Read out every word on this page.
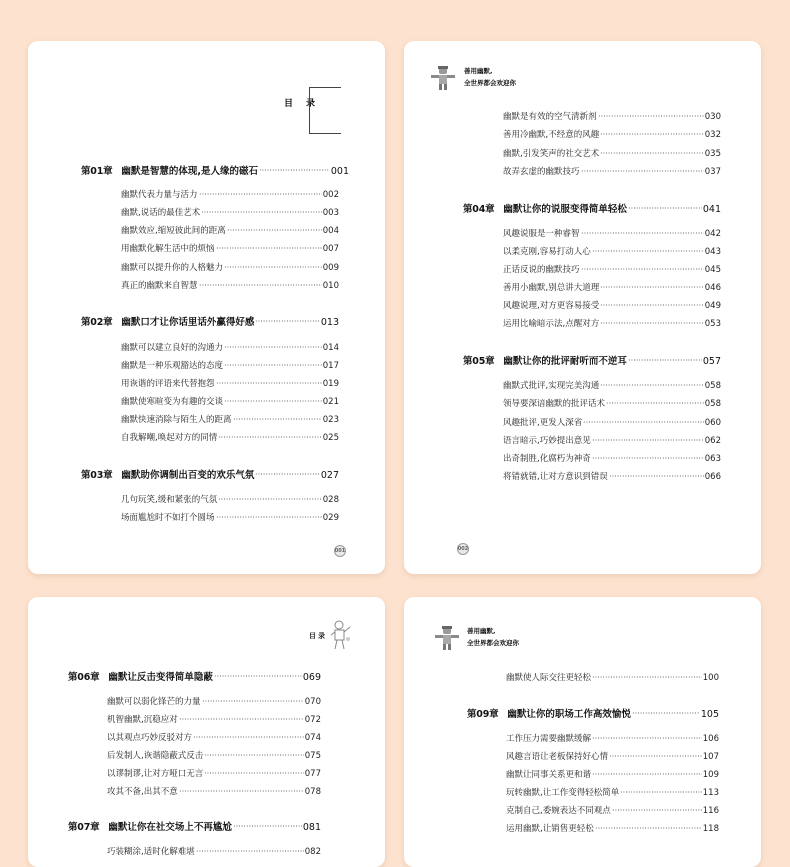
目录
第01章 幽默是智慧的体现,是人缘的磁石	001
幽默代表力量与活力	002
幽默,说话的最佳艺术	003
幽默效应,缩短彼此间的距离	004
用幽默化解生活中的烦恼	007
幽默可以提升你的人格魅力	009
真正的幽默来自智慧	010
第02章 幽默口才让你话里话外赢得好感	013
幽默可以建立良好的沟通力	014
幽默是一种乐观豁达的态度	017
用诙谐的评语来代替抱怨	019
幽默使寒暄变为有趣的交谈	021
幽默快速消除与陌生人的距离	023
自我解嘲,唤起对方的同情	025
第03章 幽默助你调制出百变的欢乐气氛	027
几句玩笑,缓和紧张的气氛	028
场面尴尬时不如打个圆场	029
001
善用幽默,
全世界都会欢迎你
幽默是有效的空气清新剂	030
善用冷幽默,不经意的风趣	032
幽默,引发笑声的社交艺术	035
故弄玄虚的幽默技巧	037
第04章 幽默让你的说服变得简单轻松	041
风趣说服是一种睿智	042
以柔克刚,容易打动人心	043
正话反说的幽默技巧	045
善用小幽默,别总讲大道理	046
风趣说理,对方更容易接受	049
运用比喻暗示法,点醒对方	053
第05章 幽默让你的批评耐听而不逆耳	057
幽默式批评,实现完美沟通	058
领导要深谙幽默的批评话术	058
风趣批评,更发人深省	060
语言暗示,巧妙提出意见	062
出奇制胜,化腐朽为神奇	063
将错就错,让对方意识到错误	066
002
目录
第06章 幽默让反击变得简单隐蔽	069
幽默可以弱化锋芒的力量	070
机智幽默,沉稳应对	072
以其观点巧妙反驳对方	074
后发制人,诙谐隐蔽式反击	075
以谬制谬,让对方哑口无言	077
攻其不备,出其不意	078
第07章 幽默让你在社交场上不再尴尬	081
巧装糊涂,适时化解难堪	082
善用幽默,
全世界都会欢迎你
幽默使人际交往更轻松	100
第09章 幽默让你的职场工作高效愉悦	105
工作压力需要幽默缓解	106
风趣言语让老板保持好心情	107
幽默让同事关系更和谐	109
玩转幽默,让工作变得轻松简单	113
克制自己,委婉表达不同观点	116
运用幽默,让销售更轻松	118
